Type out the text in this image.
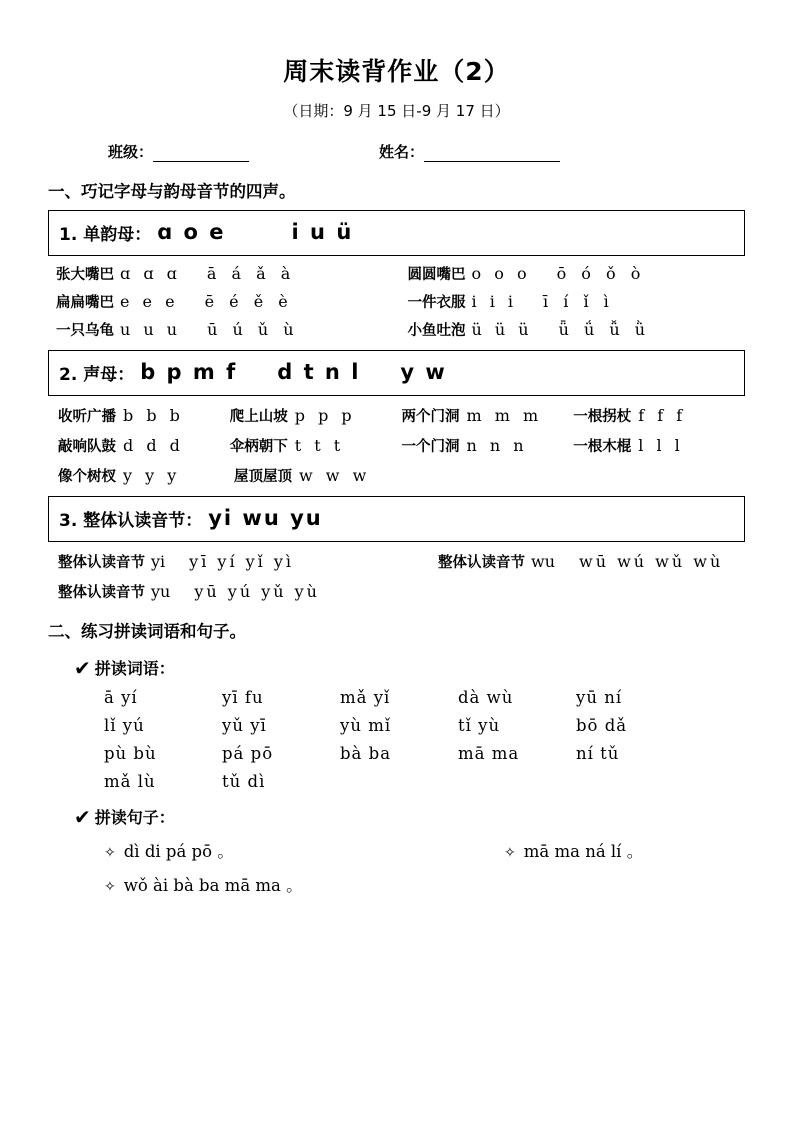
周末读背作业（2）
（日期：9 月 15 日-9 月 17 日）
班级：	姓名：
一、巧记字母与韵母音节的四声。
1. 单韵母： ɑ o e	i u ü
张大嘴巴 ɑ ɑ ɑ ā á ǎ à	圆圆嘴巴 o o o ō ó ǒ ò
扁扁嘴巴 e e e ē é ě è	一件衣服 i i i ī í ǐ ì
一只乌龟 u u u ū ú ǔ ù	小鱼吐泡 ü ü ü ǖ ǘ ǚ ǜ
2. 声母： b p m f d t n l y w
收听广播 b b b	爬上山坡 p p p	两个门洞 m m m 一根拐杖 f f f
敲响队鼓 d d d	伞柄朝下 t t t	一个门洞 n n n	一根木棍 l l l
像个树杈 y y y	屋顶屋顶 w w w
3. 整体认读音节： yi wu yu
整体认读音节 yi yī yí yǐ yì	整体认读音节 wu wū wú wǔ wù
整体认读音节 yu yū yú yǔ yù
二、练习拼读词语和句子。
✔ 拼读词语：
ā yí	yī fu	mǎ yǐ	dà wù	yū ní
lǐ yú	yǔ yī	yù mǐ	tǐ yù	bō dǎ
pù bù	pá pō	bà ba	mā ma	ní tǔ
mǎ lù	tǔ dì
✔ 拼读句子：
✧ dì di pá pō 。	✧ mā ma ná lí 。
✧ wǒ ài bà ba mā ma 。
